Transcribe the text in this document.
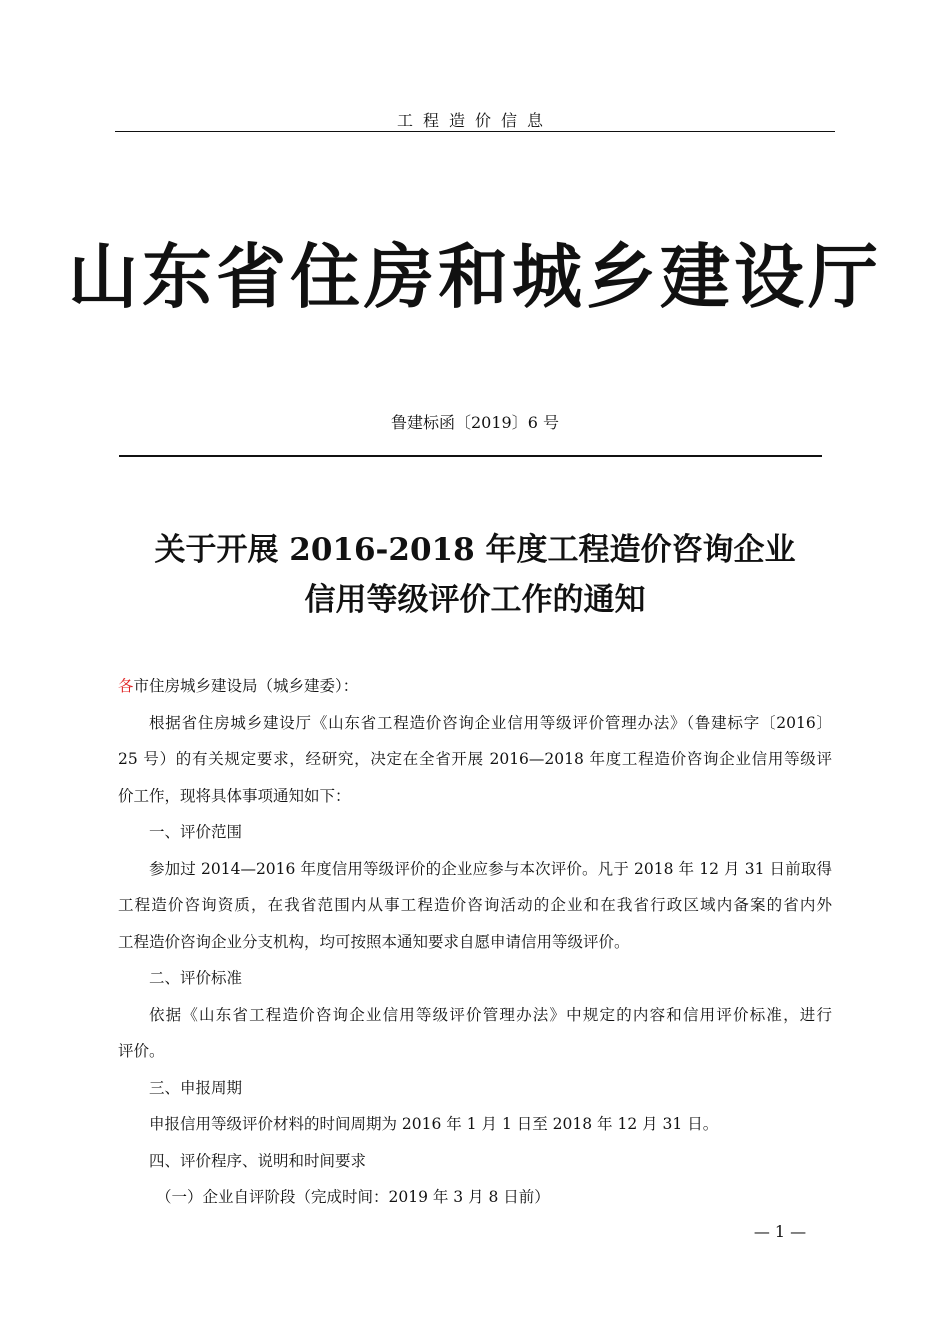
工程造价信息
山东省住房和城乡建设厅
鲁建标函〔2019〕6 号
关于开展 2016-2018 年度工程造价咨询企业
信用等级评价工作的通知
各市住房城乡建设局（城乡建委）：
根据省住房城乡建设厅《山东省工程造价咨询企业信用等级评价管理办法》（鲁建标字〔2016〕
25 号）的有关规定要求，经研究，决定在全省开展 2016—2018 年度工程造价咨询企业信用等级评
价工作，现将具体事项通知如下：
一、评价范围
参加过 2014—2016 年度信用等级评价的企业应参与本次评价。凡于 2018 年 12 月 31 日前取得
工程造价咨询资质，在我省范围内从事工程造价咨询活动的企业和在我省行政区域内备案的省内外
工程造价咨询企业分支机构，均可按照本通知要求自愿申请信用等级评价。
二、评价标准
依据《山东省工程造价咨询企业信用等级评价管理办法》中规定的内容和信用评价标准，进行
评价。
三、申报周期
申报信用等级评价材料的时间周期为 2016 年 1 月 1 日至 2018 年 12 月 31 日。
四、评价程序、说明和时间要求
（一）企业自评阶段（完成时间：2019 年 3 月 8 日前）
— 1 —
